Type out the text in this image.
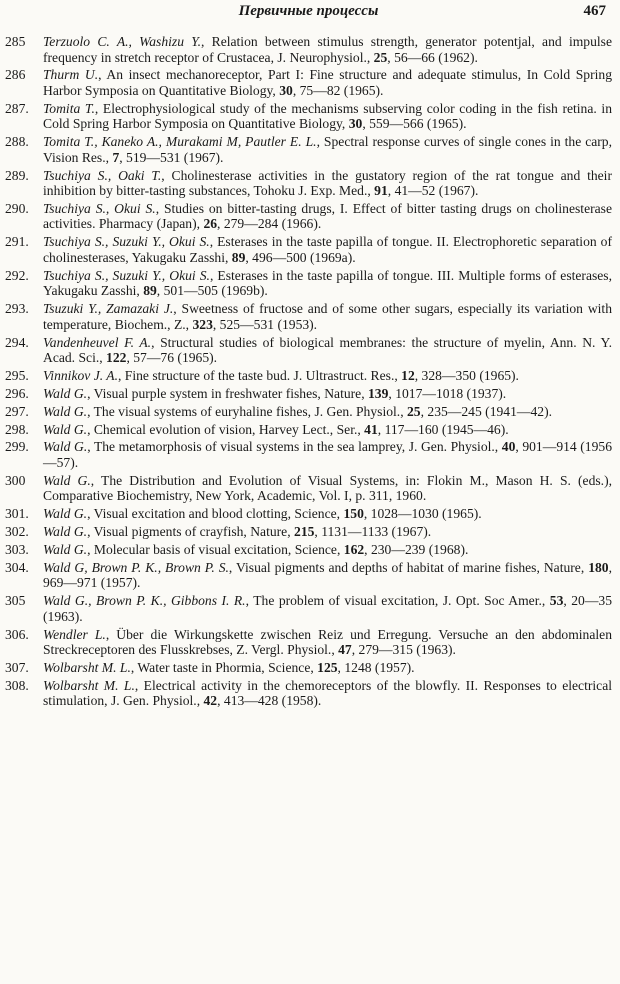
Первичные процессы	467
285	Terzuolo C. A., Washizu Y., Relation between stimulus strength, generator potentjal, and impulse frequency in stretch receptor of Crustacea, J. Neurophysiol., 25, 56—66 (1962).
286	Thurm U., An insect mechanoreceptor, Part I: Fine structure and adequate stimulus, In Cold Spring Harbor Symposia on Quantitative Biology, 30, 75—82 (1965).
287.	Tomita T., Electrophysiological study of the mechanisms subserving color coding in the fish retina. in Cold Spring Harbor Symposia on Quantitative Biology, 30, 559—566 (1965).
288.	Tomita T., Kaneko A., Murakami M, Pautler E. L., Spectral response curves of single cones in the carp, Vision Res., 7, 519—531 (1967).
289.	Tsuchiya S., Oaki T., Cholinesterase activities in the gustatory region of the rat tongue and their inhibition by bitter-tasting substances, Tohoku J. Exp. Med., 91, 41—52 (1967).
290.	Tsuchiya S., Okui S., Studies on bitter-tasting drugs, I. Effect of bitter tasting drugs on cholinesterase activities. Pharmacy (Japan), 26, 279—284 (1966).
291.	Tsuchiya S., Suzuki Y., Okui S., Esterases in the taste papilla of tongue. II. Electrophoretic separation of cholinesterases, Yakugaku Zasshi, 89, 496—500 (1969a).
292.	Tsuchiya S., Suzuki Y., Okui S., Esterases in the taste papilla of tongue. III. Multiple forms of esterases, Yakugaku Zasshi, 89, 501—505 (1969b).
293.	Tsuzuki Y., Zamazaki J., Sweetness of fructose and of some other sugars, especially its variation with temperature, Biochem., Z., 323, 525—531 (1953).
294.	Vandenheuvel F. A., Structural studies of biological membranes: the structure of myelin, Ann. N. Y. Acad. Sci., 122, 57—76 (1965).
295.	Vinnikov J. A., Fine structure of the taste bud. J. Ultrastruct. Res., 12, 328—350 (1965).
296.	Wald G., Visual purple system in freshwater fishes, Nature, 139, 1017—1018 (1937).
297.	Wald G., The visual systems of euryhaline fishes, J. Gen. Physiol., 25, 235—245 (1941—42).
298.	Wald G., Chemical evolution of vision, Harvey Lect., Ser., 41, 117—160 (1945—46).
299.	Wald G., The metamorphosis of visual systems in the sea lamprey, J. Gen. Physiol., 40, 901—914 (1956—57).
300	Wald G., The Distribution and Evolution of Visual Systems, in: Flokin M., Mason H. S. (eds.), Comparative Biochemistry, New York, Academic, Vol. I, p. 311, 1960.
301.	Wald G., Visual excitation and blood clotting, Science, 150, 1028—1030 (1965).
302.	Wald G., Visual pigments of crayfish, Nature, 215, 1131—1133 (1967).
303.	Wald G., Molecular basis of visual excitation, Science, 162, 230—239 (1968).
304.	Wald G, Brown P. K., Brown P. S., Visual pigments and depths of habitat of marine fishes, Nature, 180, 969—971 (1957).
305	Wald G., Brown P. K., Gibbons I. R., The problem of visual excitation, J. Opt. Soc Amer., 53, 20—35 (1963).
306.	Wendler L., Über die Wirkungskette zwischen Reiz und Erregung. Versuche an den abdominalen Streckreceptoren des Flusskrebses, Z. Vergl. Physiol., 47, 279—315 (1963).
307.	Wolbarsht M. L., Water taste in Phormia, Science, 125, 1248 (1957).
308.	Wolbarsht M. L., Electrical activity in the chemoreceptors of the blowfly. II. Responses to electrical stimulation, J. Gen. Physiol., 42, 413—428 (1958).
